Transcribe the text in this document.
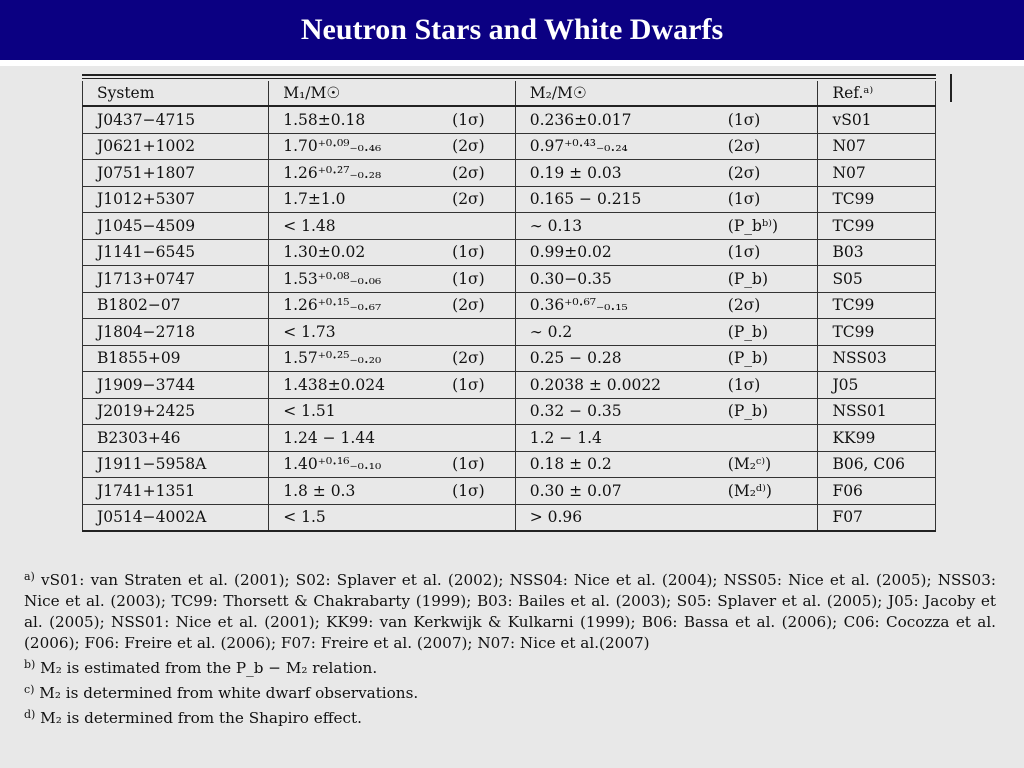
Neutron Stars and White Dwarfs
System	M₁/M☉		M₂/M☉		Ref.ᵃ⁾
J0437−4715	1.58±0.18	(1σ)	0.236±0.017	(1σ)	vS01
J0621+1002	1.70⁺⁰·⁰⁹₋₀.₄₆	(2σ)	0.97⁺⁰·⁴³₋₀.₂₄	(2σ)	N07
J0751+1807	1.26⁺⁰·²⁷₋₀.₂₈	(2σ)	0.19 ± 0.03	(2σ)	N07
J1012+5307	1.7±1.0	(2σ)	0.165 − 0.215	(1σ)	TC99
J1045−4509	< 1.48		∼ 0.13	(P_bᵇ⁾)	TC99
J1141−6545	1.30±0.02	(1σ)	0.99±0.02	(1σ)	B03
J1713+0747	1.53⁺⁰·⁰⁸₋₀.₀₆	(1σ)	0.30−0.35	(P_b)	S05
B1802−07	1.26⁺⁰·¹⁵₋₀.₆₇	(2σ)	0.36⁺⁰·⁶⁷₋₀.₁₅	(2σ)	TC99
J1804−2718	< 1.73		∼ 0.2	(P_b)	TC99
B1855+09	1.57⁺⁰·²⁵₋₀.₂₀	(2σ)	0.25 − 0.28	(P_b)	NSS03
J1909−3744	1.438±0.024	(1σ)	0.2038 ± 0.0022	(1σ)	J05
J2019+2425	< 1.51		0.32 − 0.35	(P_b)	NSS01
B2303+46	1.24 − 1.44		1.2 − 1.4		KK99
J1911−5958A	1.40⁺⁰·¹⁶₋₀.₁₀	(1σ)	0.18 ± 0.2	(M₂ᶜ⁾)	B06, C06
J1741+1351	1.8 ± 0.3	(1σ)	0.30 ± 0.07	(M₂ᵈ⁾)	F06
J0514−4002A	< 1.5		> 0.96		F07

$^{a)}$ vS01: van Straten et al. (2001); S02: Splaver et al. (2002); NSS04: Nice et al. (2004); NSS05: Nice et al. (2005); NSS03: Nice et al. (2003); TC99: Thorsett & Chakrabarty (1999); B03: Bailes et al. (2003); S05: Splaver et al. (2005); J05: Jacoby et al. (2005); NSS01: Nice et al. (2001); KK99: van Kerkwijk & Kulkarni (1999); B06: Bassa et al. (2006); C06: Cocozza et al. (2006); F06: Freire et al. (2006); F07: Freire et al. (2007); N07: Nice et al.(2007)

$^{b)}$ M₂ is estimated from the P_b − M₂ relation.

$^{c)}$ M₂ is determined from white dwarf observations.

$^{d)}$ M₂ is determined from the Shapiro effect.
